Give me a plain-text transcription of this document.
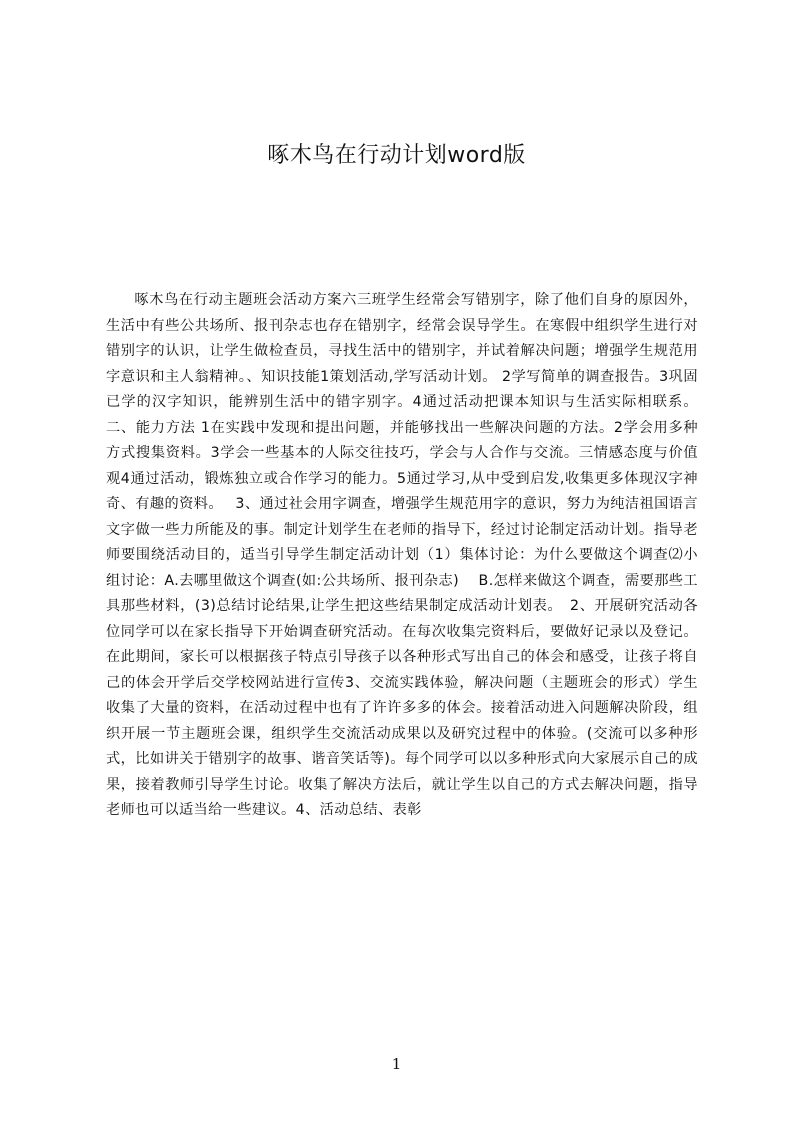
啄木鸟在行动计划word版

啄木鸟在行动主题班会活动方案六三班学生经常会写错别字，除了他们自身的原因外，生活中有些公共场所、报刊杂志也存在错别字，经常会误导学生。在寒假中组织学生进行对错别字的认识，让学生做检查员，寻找生活中的错别字，并试着解决问题；增强学生规范用字意识和主人翁精神。、知识技能1策划活动,学写活动计划。 2学写简单的调查报告。3巩固已学的汉字知识，能辨别生活中的错字别字。4通过活动把课本知识与生活实际相联系。二、能力方法 1在实践中发现和提出问题，并能够找出一些解决问题的方法。2学会用多种方式搜集资料。3学会一些基本的人际交往技巧，学会与人合作与交流。三情感态度与价值观4通过活动，锻炼独立或合作学习的能力。5通过学习,从中受到启发,收集更多体现汉字神奇、有趣的资料。　 3、通过社会用字调查，增强学生规范用字的意识，努力为纯洁祖国语言文字做一些力所能及的事。制定计划学生在老师的指导下，经过讨论制定活动计划。指导老师要围绕活动目的，适当引导学生制定活动计划（1）集体讨论：为什么要做这个调查⑵小组讨论：A.去哪里做这个调查(如:公共场所、报刊杂志)　 B.怎样来做这个调查，需要那些工具那些材料，(3)总结讨论结果,让学生把这些结果制定成活动计划表。　2、开展研究活动各位同学可以在家长指导下开始调查研究活动。在每次收集完资料后，要做好记录以及登记。在此期间，家长可以根据孩子特点引导孩子以各种形式写出自己的体会和感受，让孩子将自己的体会开学后交学校网站进行宣传3、交流实践体验，解决问题（主题班会的形式）学生收集了大量的资料，在活动过程中也有了许许多多的体会。接着活动进入问题解决阶段，组织开展一节主题班会课，组织学生交流活动成果以及研究过程中的体验。(交流可以多种形式，比如讲关于错别字的故事、谐音笑话等)。每个同学可以以多种形式向大家展示自己的成果，接着教师引导学生讨论。收集了解决方法后，就让学生以自己的方式去解决问题，指导老师也可以适当给一些建议。4、活动总结、表彰

1
